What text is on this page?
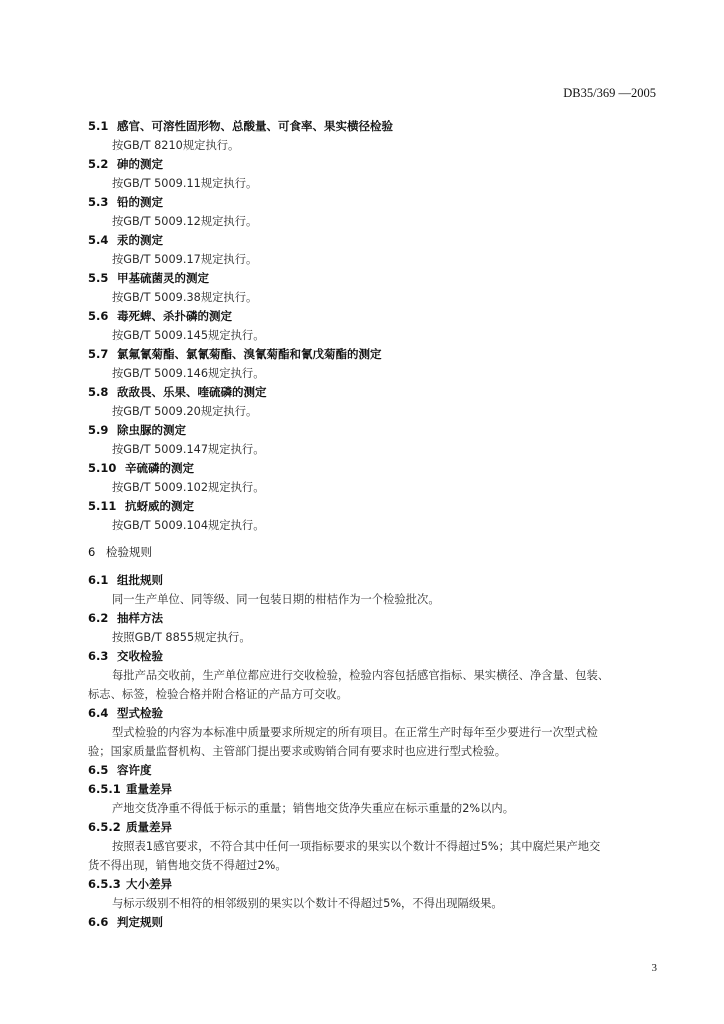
DB35/369 —2005
5.1 感官、可溶性固形物、总酸量、可食率、果实横径检验
按GB/T 8210规定执行。
5.2 砷的测定
按GB/T 5009.11规定执行。
5.3 铅的测定
按GB/T 5009.12规定执行。
5.4 汞的测定
按GB/T 5009.17规定执行。
5.5 甲基硫菌灵的测定
按GB/T 5009.38规定执行。
5.6 毒死蜱、杀扑磷的测定
按GB/T 5009.145规定执行。
5.7 氯氟氰菊酯、氯氰菊酯、溴氰菊酯和氰戊菊酯的测定
按GB/T 5009.146规定执行。
5.8 敌敌畏、乐果、喹硫磷的测定
按GB/T 5009.20规定执行。
5.9 除虫脲的测定
按GB/T 5009.147规定执行。
5.10 辛硫磷的测定
按GB/T 5009.102规定执行。
5.11 抗蚜威的测定
按GB/T 5009.104规定执行。
6 检验规则
6.1 组批规则
同一生产单位、同等级、同一包装日期的柑桔作为一个检验批次。
6.2 抽样方法
按照GB/T 8855规定执行。
6.3 交收检验
每批产品交收前，生产单位都应进行交收检验，检验内容包括感官指标、果实横径、净含量、包装、
标志、标签，检验合格并附合格证的产品方可交收。
6.4 型式检验
型式检验的内容为本标准中质量要求所规定的所有项目。在正常生产时每年至少要进行一次型式检
验；国家质量监督机构、主管部门提出要求或购销合同有要求时也应进行型式检验。
6.5 容许度
6.5.1 重量差异
产地交货净重不得低于标示的重量；销售地交货净失重应在标示重量的2%以内。
6.5.2 质量差异
按照表1感官要求，不符合其中任何一项指标要求的果实以个数计不得超过5%；其中腐烂果产地交
货不得出现，销售地交货不得超过2%。
6.5.3 大小差异
与标示级别不相符的相邻级别的果实以个数计不得超过5%，不得出现隔级果。
6.6 判定规则
3
